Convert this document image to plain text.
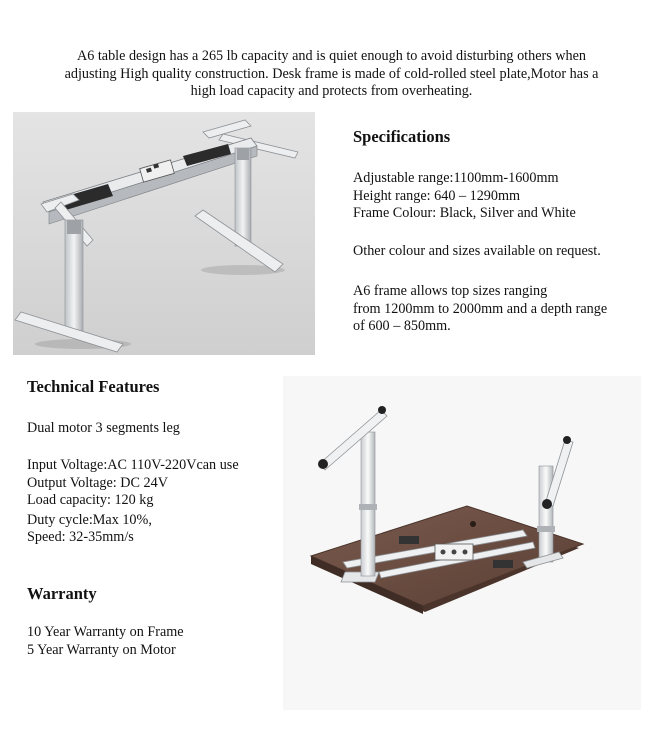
A6 table design has a 265 lb capacity and is quiet enough to avoid disturbing others when
adjusting High quality construction. Desk frame is made of cold-rolled steel plate,Motor has a
high load capacity and protects from overheating.
Specifications
Adjustable range:1100mm-1600mm
Height range: 640 – 1290mm
Frame Colour: Black, Silver and White
Other colour and sizes available on request.
A6 frame allows top sizes ranging
from 1200mm to 2000mm and a depth range
of 600 – 850mm.
Technical Features
Dual motor 3 segments leg
Input Voltage:AC 110V-220Vcan use
Output Voltage: DC 24V
Load capacity: 120 kg
Duty cycle:Max 10%,
Speed: 32-35mm/s
Warranty
10 Year Warranty on Frame
5 Year Warranty on Motor
